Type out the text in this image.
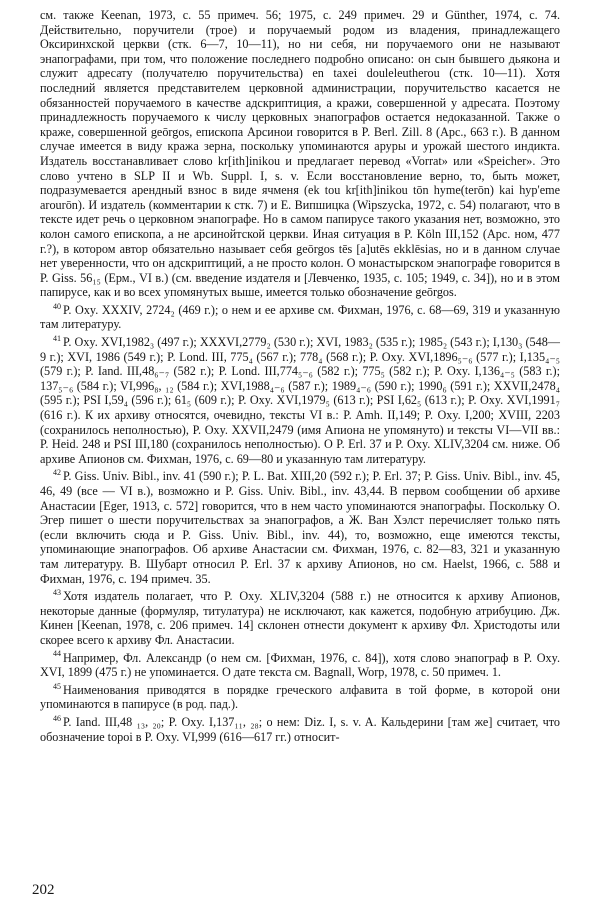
см. также Keenan, 1973, с. 55 примеч. 56; 1975, с. 249 примеч. 29 и Günther, 1974, с. 74. Действительно, поручители (трое) и поручаемый родом из владения, принадлежащего Оксиринхской церкви (стк. 6—7, 10—11), но ни себя, ни поручаемого они не называют энапографами, при том, что положение последнего подробно описано: он сын бывшего дьякона и служит адресату (получателю поручительства) en taxei douleleutherou (стк. 10—11). Хотя последний является представителем церковной администрации, поручительство касается не обязанностей поручаемого в качестве адскриптиция, а кражи, совершенной у адресата. Поэтому принадлежность поручаемого к числу церковных энапографов остается недоказанной. Также о краже, совершенной geōrgos, епископа Арсинои говорится в P. Berl. Zill. 8 (Арс., 663 г.). В данном случае имеется в виду кража зерна, поскольку упоминаются аруры и урожай шестого индикта. Издатель восстанавливает слово kr[ith]inikou и предлагает перевод «Vorrat» или «Speicher». Это слово учтено в SLP II и Wb. Suppl. I, s. v. Если восстановление верно, то, быть может, подразумевается арендный взнос в виде ячменя (ek tou kr[ith]inikou tōn hyme(terōn) kai hyp'eme arourōn). И издатель (комментарии к стк. 7) и Е. Випшицка (Wipszycka, 1972, с. 54) полагают, что в тексте идет речь о церковном энапографе. Но в самом папирусе такого указания нет, возможно, это колон самого епископа, а не арсинойтской церкви. Иная ситуация в P. Köln III,152 (Арс. ном, 477 г.?), в котором автор обязательно называет себя geōrgos tēs [a]utēs ekklēsias, но и в данном случае нет уверенности, что он адскриптиций, а не просто колон. О монастырском энапографе говорится в P. Giss. 56₁₅ (Ерм., VI в.) (см. введение издателя и [Левченко, 1935, с. 105; 1949, с. 34]), но и в этом папирусе, как и во всех упомянутых выше, имеется только обозначение geōrgos.

$^{40}$ P. Oxy. XXXIV, 2724₂ (469 г.); о нем и ее архиве см. Фихман, 1976, с. 68—69, 319 и указанную там литературу.

$^{41}$ P. Oxy. XVI,1982₃ (497 г.); XXXVI,2779₂ (530 г.); XVI, 1983₂ (535 г.); 1985₂ (543 г.); I,130₃ (548—9 г.); XVI, 1986 (549 г.); P. Lond. III, 775₄ (567 г.); 778₄ (568 г.); P. Oxy. XVI,1896₅₋₆ (577 г.); I,135₄₋₅ (579 г.); P. Iand. III,48₆₋₇ (582 г.); P. Lond. III,774₅₋₆ (582 г.); 775₅ (582 г.); P. Oxy. I,136₄₋₅ (583 г.); 137₅₋₆ (584 г.); VI,996₈, ₁₂ (584 г.); XVI,1988₄₋₆ (587 г.); 1989₄₋₆ (590 г.); 1990₆ (591 г.); XXVII,2478₄ (595 г.); PSI I,59₄ (596 г.); 61₅ (609 г.); P. Oxy. XVI,1979₅ (613 г.); PSI I,62₅ (613 г.); P. Oxy. XVI,1991₇ (616 г.). К их архиву относятся, очевидно, тексты VI в.: P. Amh. II,149; P. Oxy. I,200; XVIII, 2203 (сохранилось неполностью), P. Oxy. XXVII,2479 (имя Апиона не упомянуто) и тексты VI—VII вв.: P. Heid. 248 и PSI III,180 (сохранилось неполностью). О P. Erl. 37 и P. Oxy. XLIV,3204 см. ниже. Об архиве Апионов см. Фихман, 1976, с. 69—80 и указанную там литературу.

$^{42}$ P. Giss. Univ. Bibl., inv. 41 (590 г.); P. L. Bat. XIII,20 (592 г.); P. Erl. 37; P. Giss. Univ. Bibl., inv. 45, 46, 49 (все — VI в.), возможно и P. Giss. Univ. Bibl., inv. 43,44. В первом сообщении об архиве Анастасии [Eger, 1913, с. 572] говорится, что в нем часто упоминаются энапографы. Поскольку О. Эгер пишет о шести поручительствах за энапографов, а Ж. Ван Хэлст перечисляет только пять (если включить сюда и P. Giss. Univ. Bibl., inv. 44), то, возможно, еще имеются тексты, упоминающие энапографов. Об архиве Анастасии см. Фихман, 1976, с. 82—83, 321 и указанную там литературу. В. Шубарт относил P. Erl. 37 к архиву Апионов, но см. Haelst, 1966, с. 588 и Фихман, 1976, с. 194 примеч. 35.

$^{43}$ Хотя издатель полагает, что P. Oxy. XLIV,3204 (588 г.) не относится к архиву Апионов, некоторые данные (формуляр, титулатура) не исключают, как кажется, подобную атрибуцию. Дж. Кинен [Keenan, 1978, с. 206 примеч. 14] склонен отнести документ к архиву Фл. Христодоты или скорее всего к архиву Фл. Анастасии.

$^{44}$ Например, Фл. Александр (о нем см. [Фихман, 1976, с. 84]), хотя слово энапограф в P. Oxy. XVI, 1899 (475 г.) не упоминается. О дате текста см. Bagnall, Worp, 1978, с. 50 примеч. 1.

$^{45}$ Наименования приводятся в порядке греческого алфавита в той форме, в которой они упоминаются в папирусе (в род. пад.).

$^{46}$ P. Iand. III,48 ₁₃, ₂₀; P. Oxy. I,137₁₁, ₂₈; о нем: Diz. I, s. v. A. Кальдерини [там же] считает, что обозначение topoi в P. Oxy. VI,999 (616—617 гг.) относит-

202
